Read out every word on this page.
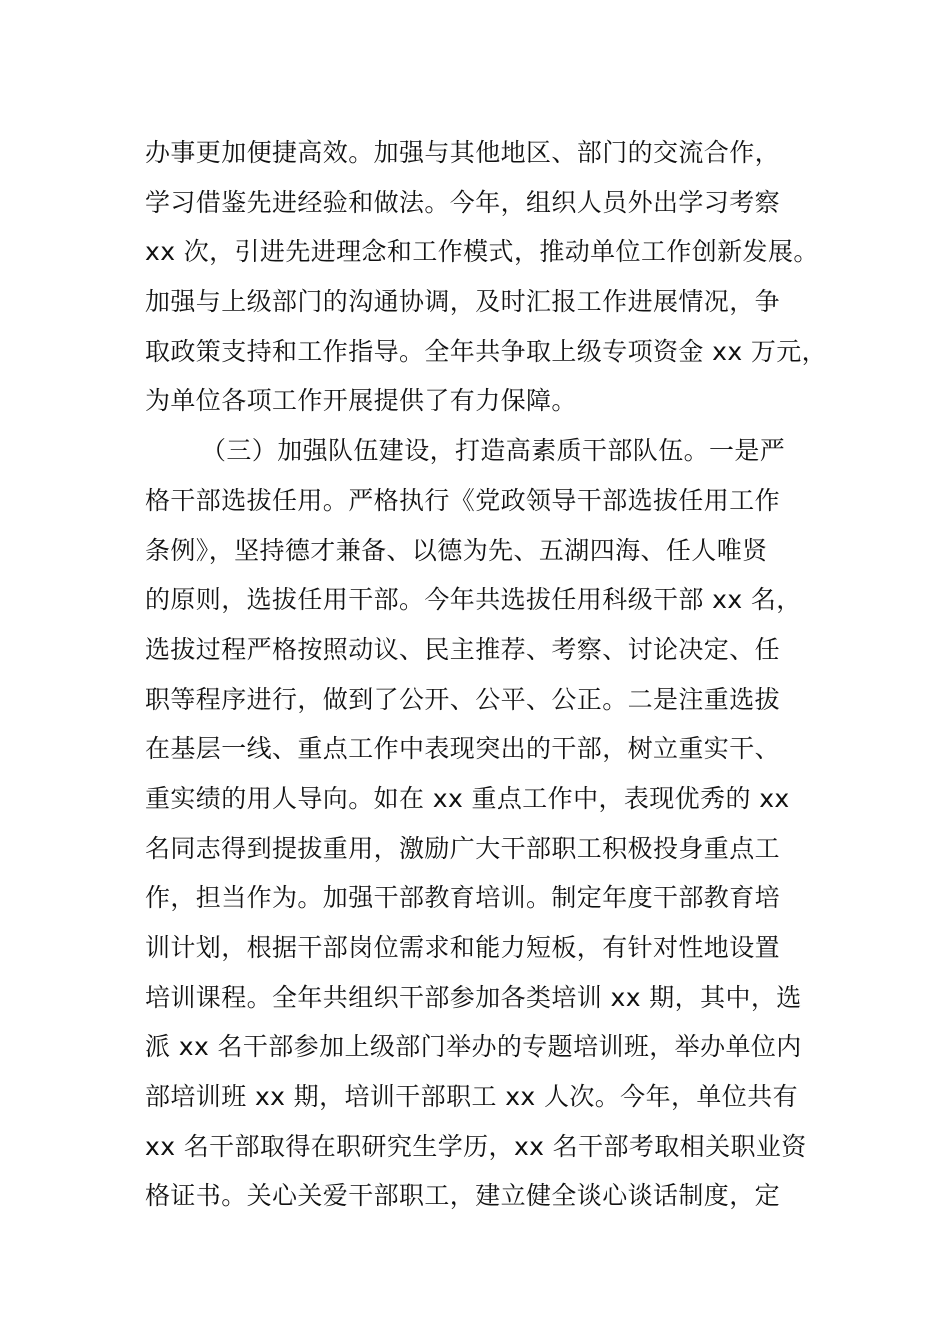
办事更加便捷高效。加强与其他地区、部门的交流合作，
学习借鉴先进经验和做法。今年，组织人员外出学习考察
xx 次，引进先进理念和工作模式，推动单位工作创新发展。
加强与上级部门的沟通协调，及时汇报工作进展情况，争
取政策支持和工作指导。全年共争取上级专项资金 xx 万元，
为单位各项工作开展提供了有力保障。
（三）加强队伍建设，打造高素质干部队伍。一是严
格干部选拔任用。严格执行《党政领导干部选拔任用工作
条例》，坚持德才兼备、以德为先、五湖四海、任人唯贤
的原则，选拔任用干部。今年共选拔任用科级干部 xx 名，
选拔过程严格按照动议、民主推荐、考察、讨论决定、任
职等程序进行，做到了公开、公平、公正。二是注重选拔
在基层一线、重点工作中表现突出的干部，树立重实干、
重实绩的用人导向。如在 xx 重点工作中，表现优秀的 xx
名同志得到提拔重用，激励广大干部职工积极投身重点工
作，担当作为。加强干部教育培训。制定年度干部教育培
训计划，根据干部岗位需求和能力短板，有针对性地设置
培训课程。全年共组织干部参加各类培训 xx 期，其中，选
派 xx 名干部参加上级部门举办的专题培训班，举办单位内
部培训班 xx 期，培训干部职工 xx 人次。今年，单位共有
xx 名干部取得在职研究生学历，xx 名干部考取相关职业资
格证书。关心关爱干部职工，建立健全谈心谈话制度，定
